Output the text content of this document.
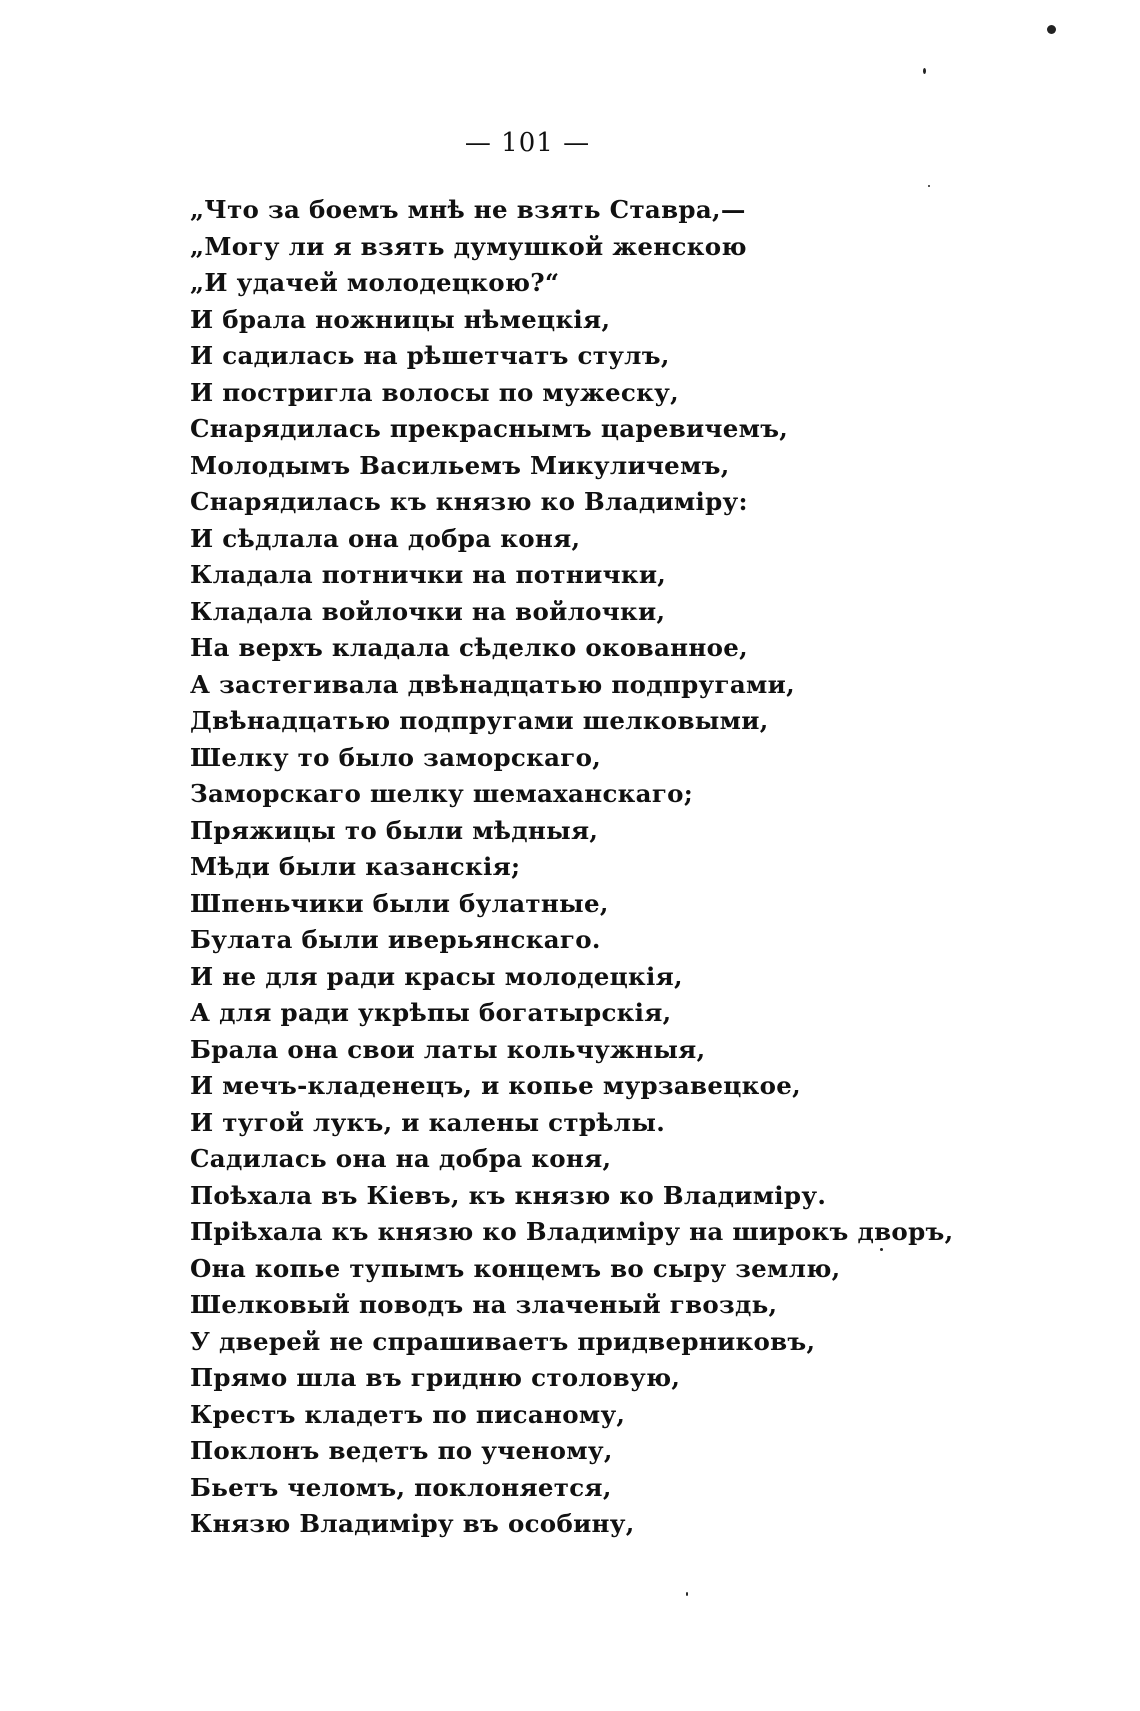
— 101 —
„Что за боемъ мнѣ не взять Ставра,—
„Могу ли я взять думушкой женскою
„И удачей молодецкою?“
И брала ножницы нѣмецкія,
И садилась на рѣшетчатъ стулъ,
И постригла волосы по мужеску,
Снарядилась прекраснымъ царевичемъ,
Молодымъ Васильемъ Микуличемъ,
Снарядилась къ князю ко Владиміру:
И сѣдлала она добра коня,
Кладала потнички на потнички,
Кладала войлочки на войлочки,
На верхъ кладала сѣделко окованное,
А застегивала двѣнадцатью подпругами,
Двѣнадцатью подпругами шелковыми,
Шелку то было заморскаго,
Заморскаго шелку шемаханскаго;
Пряжицы то были мѣдныя,
Мѣди были казанскія;
Шпеньчики были булатные,
Булата были иверьянскаго.
И не для ради красы молодецкія,
А для ради укрѣпы богатырскія,
Брала она свои латы кольчужныя,
И мечъ-кладенецъ, и копье мурзавецкое,
И тугой лукъ, и калены стрѣлы.
Садилась она на добра коня,
Поѣхала въ Кіевъ, къ князю ко Владиміру.
Пріѣхала къ князю ко Владиміру на широкъ дворъ,
Она копье тупымъ концемъ во сыру землю,
Шелковый поводъ на злаченый гвоздь,
У дверей не спрашиваетъ придверниковъ,
Прямо шла въ гридню столовую,
Крестъ кладетъ по писаному,
Поклонъ ведетъ по ученому,
Бьетъ челомъ, поклоняется,
Князю Владиміру въ особину,
